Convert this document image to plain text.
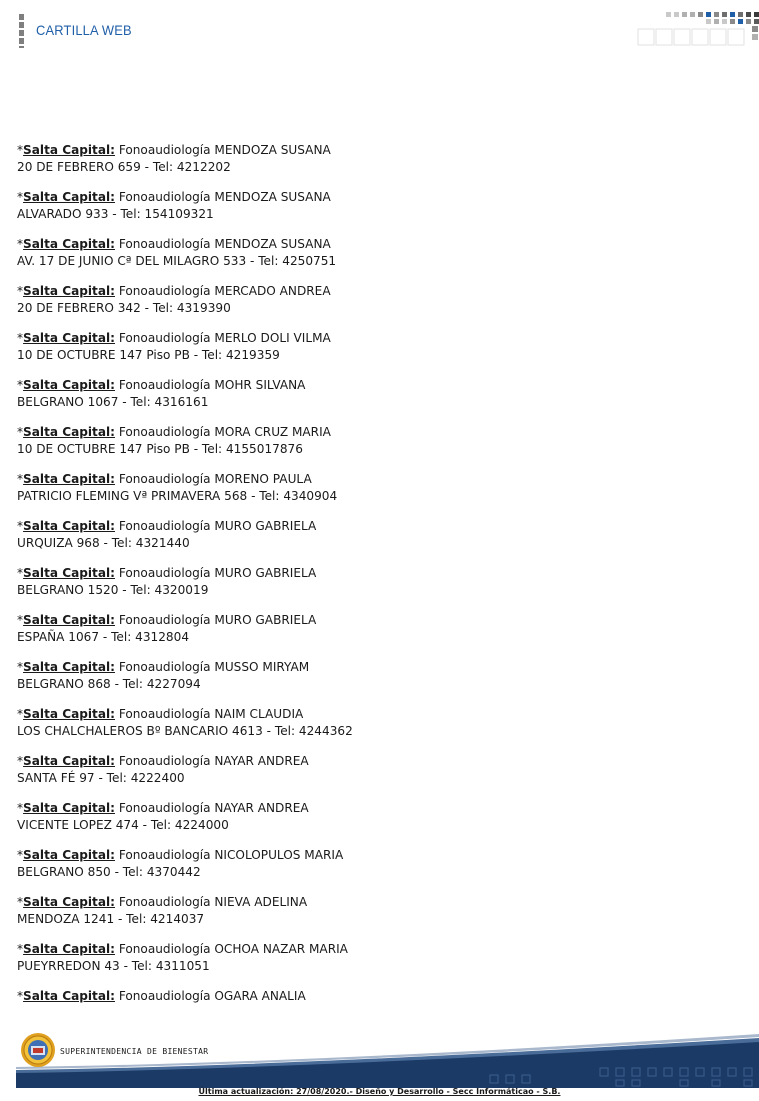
CARTILLA WEB
*Salta Capital: Fonoaudiología MENDOZA SUSANA
20 DE FEBRERO 659 - Tel: 4212202
*Salta Capital: Fonoaudiología MENDOZA SUSANA
ALVARADO 933 - Tel: 154109321
*Salta Capital: Fonoaudiología MENDOZA SUSANA
AV. 17 DE JUNIO Cª DEL MILAGRO 533 - Tel: 4250751
*Salta Capital: Fonoaudiología MERCADO ANDREA
20 DE FEBRERO 342 - Tel: 4319390
*Salta Capital: Fonoaudiología MERLO DOLI VILMA
10 DE OCTUBRE 147 Piso PB - Tel: 4219359
*Salta Capital: Fonoaudiología MOHR SILVANA
BELGRANO 1067 - Tel: 4316161
*Salta Capital: Fonoaudiología MORA CRUZ MARIA
10 DE OCTUBRE 147 Piso PB - Tel: 4155017876
*Salta Capital: Fonoaudiología MORENO PAULA
PATRICIO FLEMING Vª PRIMAVERA 568 - Tel: 4340904
*Salta Capital: Fonoaudiología MURO GABRIELA
URQUIZA 968 - Tel: 4321440
*Salta Capital: Fonoaudiología MURO GABRIELA
BELGRANO 1520 - Tel: 4320019
*Salta Capital: Fonoaudiología MURO GABRIELA
ESPAÑA 1067 - Tel: 4312804
*Salta Capital: Fonoaudiología MUSSO MIRYAM
BELGRANO 868 - Tel: 4227094
*Salta Capital: Fonoaudiología NAIM CLAUDIA
LOS CHALCHALEROS Bº BANCARIO 4613 - Tel: 4244362
*Salta Capital: Fonoaudiología NAYAR ANDREA
SANTA FÉ 97 - Tel: 4222400
*Salta Capital: Fonoaudiología NAYAR ANDREA
VICENTE LOPEZ 474 - Tel: 4224000
*Salta Capital: Fonoaudiología NICOLOPULOS MARIA
BELGRANO 850 - Tel: 4370442
*Salta Capital: Fonoaudiología NIEVA ADELINA
MENDOZA 1241 - Tel: 4214037
*Salta Capital: Fonoaudiología OCHOA NAZAR MARIA
PUEYRREDON 43 - Tel: 4311051
*Salta Capital: Fonoaudiología OGARA ANALIA
SUPERINTENDENCIA DE BIENESTAR
Última actualización: 27/08/2020.- Diseño y Desarrollo - Secc Informáticao - S.B.
